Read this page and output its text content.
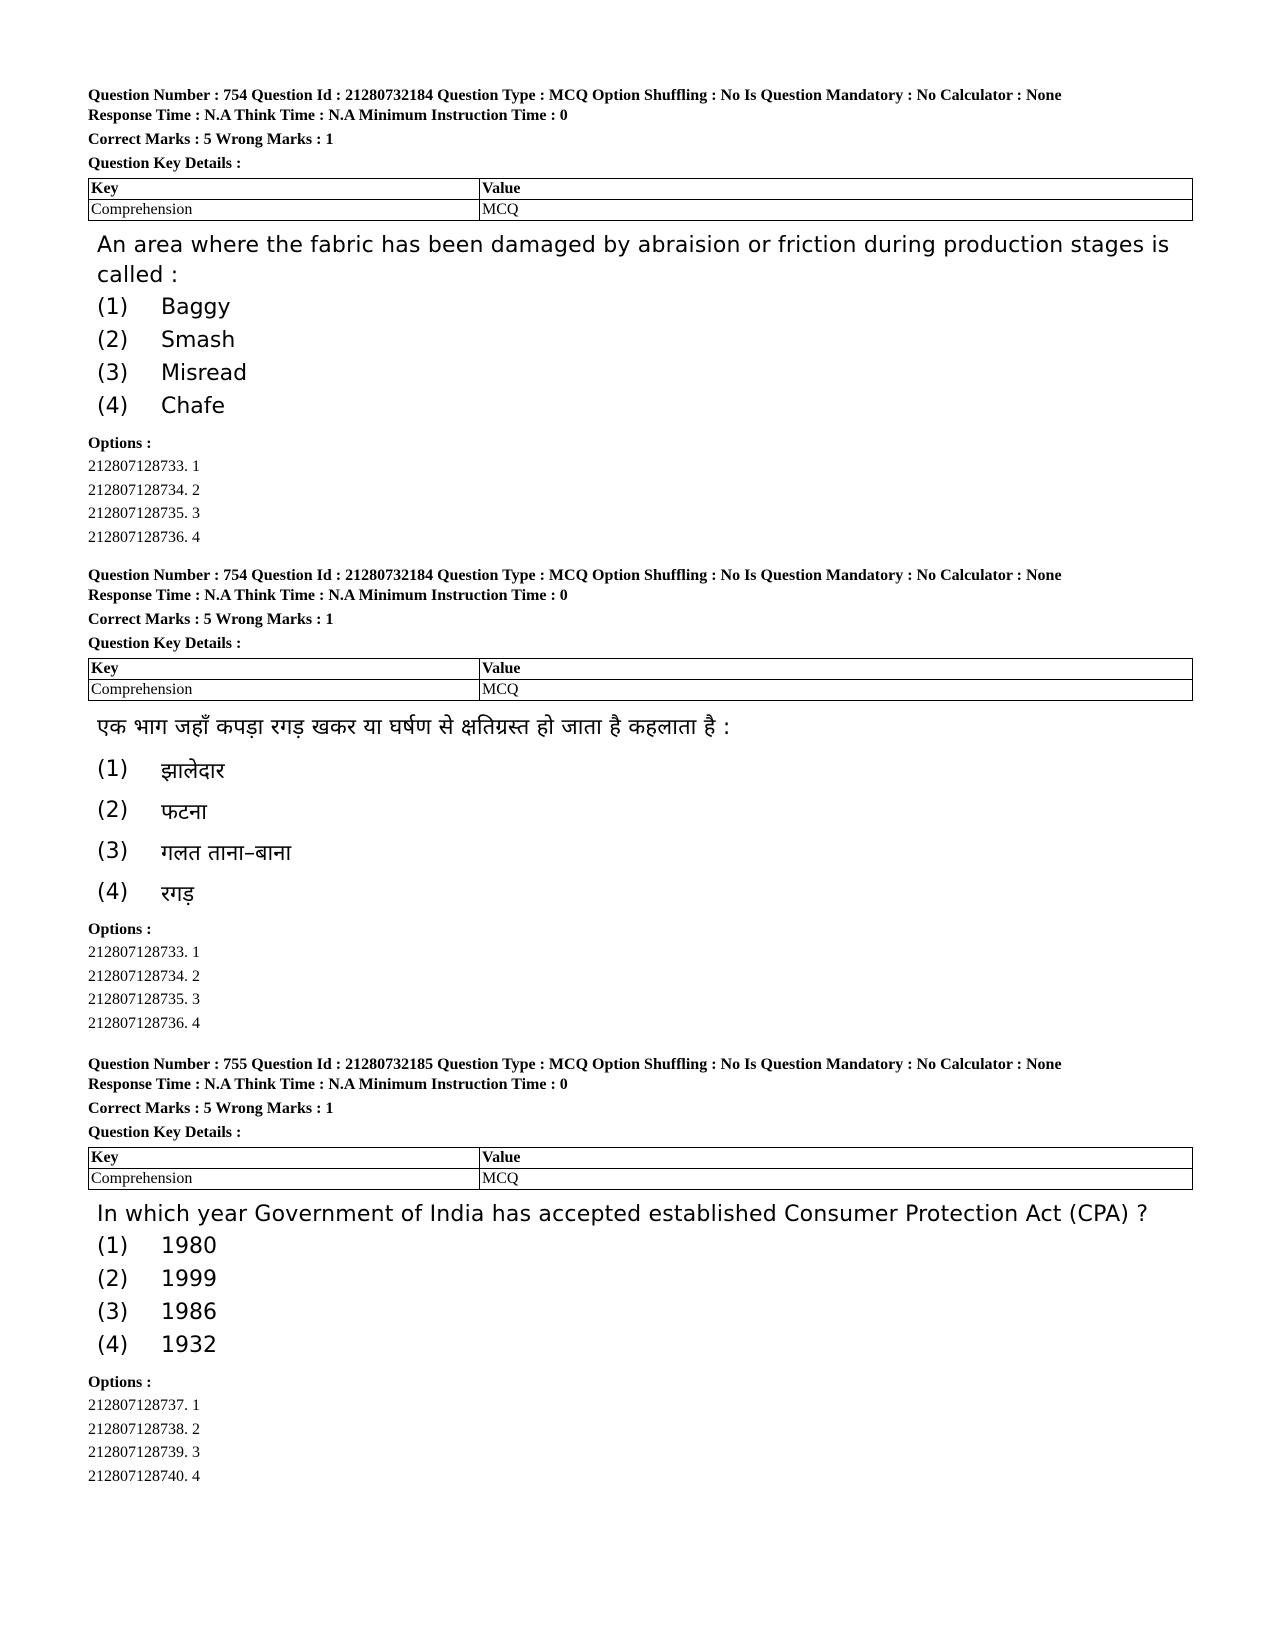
Question Number : 754 Question Id : 21280732184 Question Type : MCQ Option Shuffling : No Is Question Mandatory : No Calculator : None
Response Time : N.A Think Time : N.A Minimum Instruction Time : 0
Correct Marks : 5 Wrong Marks : 1
Question Key Details :
Key	Value
Comprehension	MCQ
An area where the fabric has been damaged by abraision or friction during production stages is called :
(1)	Baggy
(2)	Smash
(3)	Misread
(4)	Chafe
Options :
212807128733. 1
212807128734. 2
212807128735. 3
212807128736. 4
Question Number : 754 Question Id : 21280732184 Question Type : MCQ Option Shuffling : No Is Question Mandatory : No Calculator : None
Response Time : N.A Think Time : N.A Minimum Instruction Time : 0
Correct Marks : 5 Wrong Marks : 1
Question Key Details :
Key	Value
Comprehension	MCQ
एक भाग जहाँ कपड़ा रगड़ खकर या घर्षण से क्षतिग्रस्त हो जाता है कहलाता है :
(1)	झालेदार
(2)	फटना
(3)	गलत ताना–बाना
(4)	रगड़
Options :
212807128733. 1
212807128734. 2
212807128735. 3
212807128736. 4
Question Number : 755 Question Id : 21280732185 Question Type : MCQ Option Shuffling : No Is Question Mandatory : No Calculator : None
Response Time : N.A Think Time : N.A Minimum Instruction Time : 0
Correct Marks : 5 Wrong Marks : 1
Question Key Details :
Key	Value
Comprehension	MCQ
In which year Government of India has accepted established Consumer Protection Act (CPA) ?
(1)	1980
(2)	1999
(3)	1986
(4)	1932
Options :
212807128737. 1
212807128738. 2
212807128739. 3
212807128740. 4
